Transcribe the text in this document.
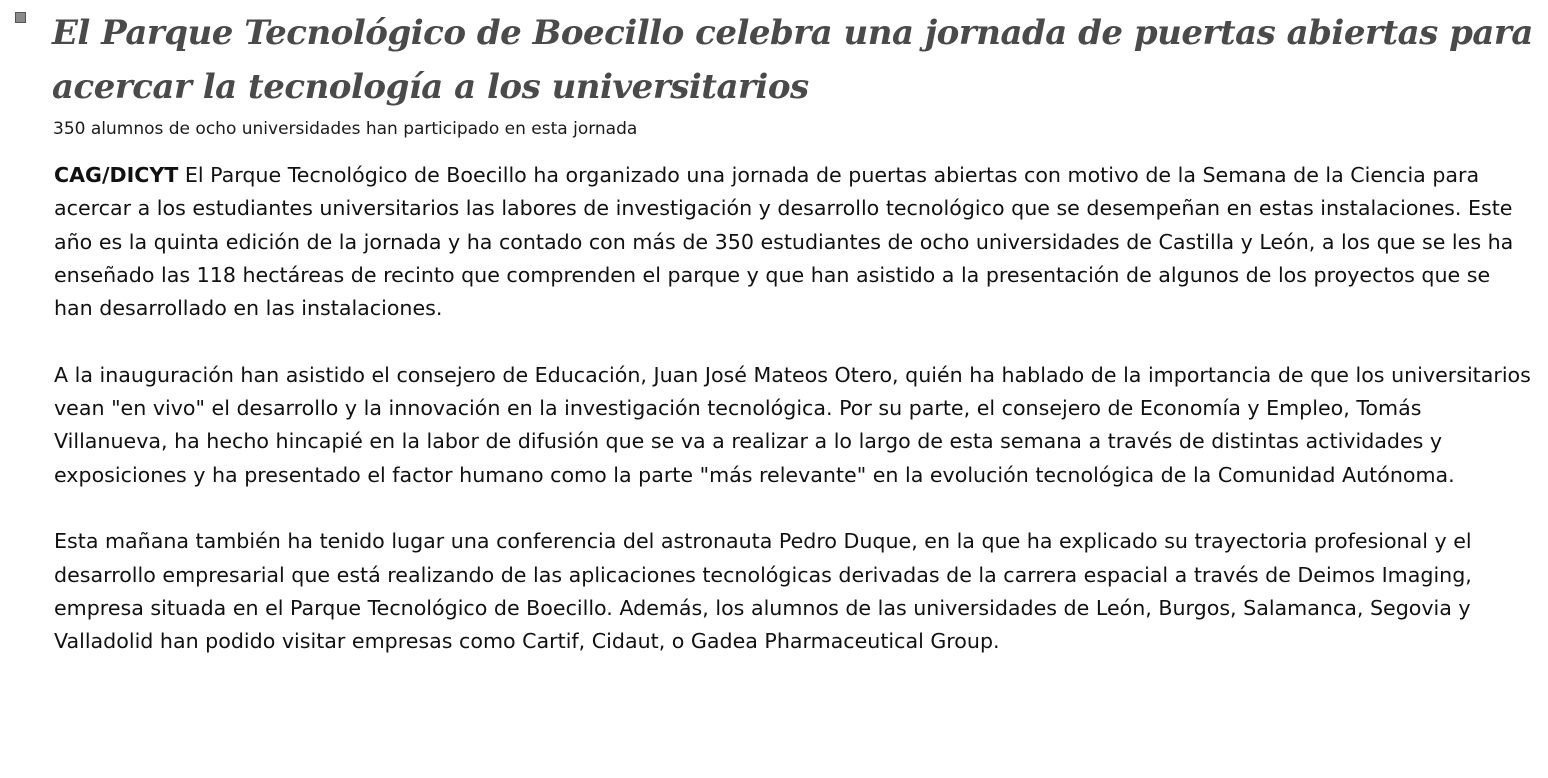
El Parque Tecnológico de Boecillo celebra una jornada de puertas abiertas para acercar la tecnología a los universitarios

350 alumnos de ocho universidades han participado en esta jornada

CAG/DICYT El Parque Tecnológico de Boecillo ha organizado una jornada de puertas abiertas con motivo de la Semana de la Ciencia para acercar a los estudiantes universitarios las labores de investigación y desarrollo tecnológico que se desempeñan en estas instalaciones. Este año es la quinta edición de la jornada y ha contado con más de 350 estudiantes de ocho universidades de Castilla y León, a los que se les ha enseñado las 118 hectáreas de recinto que comprenden el parque y que han asistido a la presentación de algunos de los proyectos que se han desarrollado en las instalaciones.

A la inauguración han asistido el consejero de Educación, Juan José Mateos Otero, quién ha hablado de la importancia de que los universitarios vean "en vivo" el desarrollo y la innovación en la investigación tecnológica. Por su parte, el consejero de Economía y Empleo, Tomás Villanueva, ha hecho hincapié en la labor de difusión que se va a realizar a lo largo de esta semana a través de distintas actividades y exposiciones y ha presentado el factor humano como la parte "más relevante" en la evolución tecnológica de la Comunidad Autónoma.

Esta mañana también ha tenido lugar una conferencia del astronauta Pedro Duque, en la que ha explicado su trayectoria profesional y el desarrollo empresarial que está realizando de las aplicaciones tecnológicas derivadas de la carrera espacial a través de Deimos Imaging, empresa situada en el Parque Tecnológico de Boecillo. Además, los alumnos de las universidades de León, Burgos, Salamanca, Segovia y Valladolid han podido visitar empresas como Cartif, Cidaut, o Gadea Pharmaceutical Group.
